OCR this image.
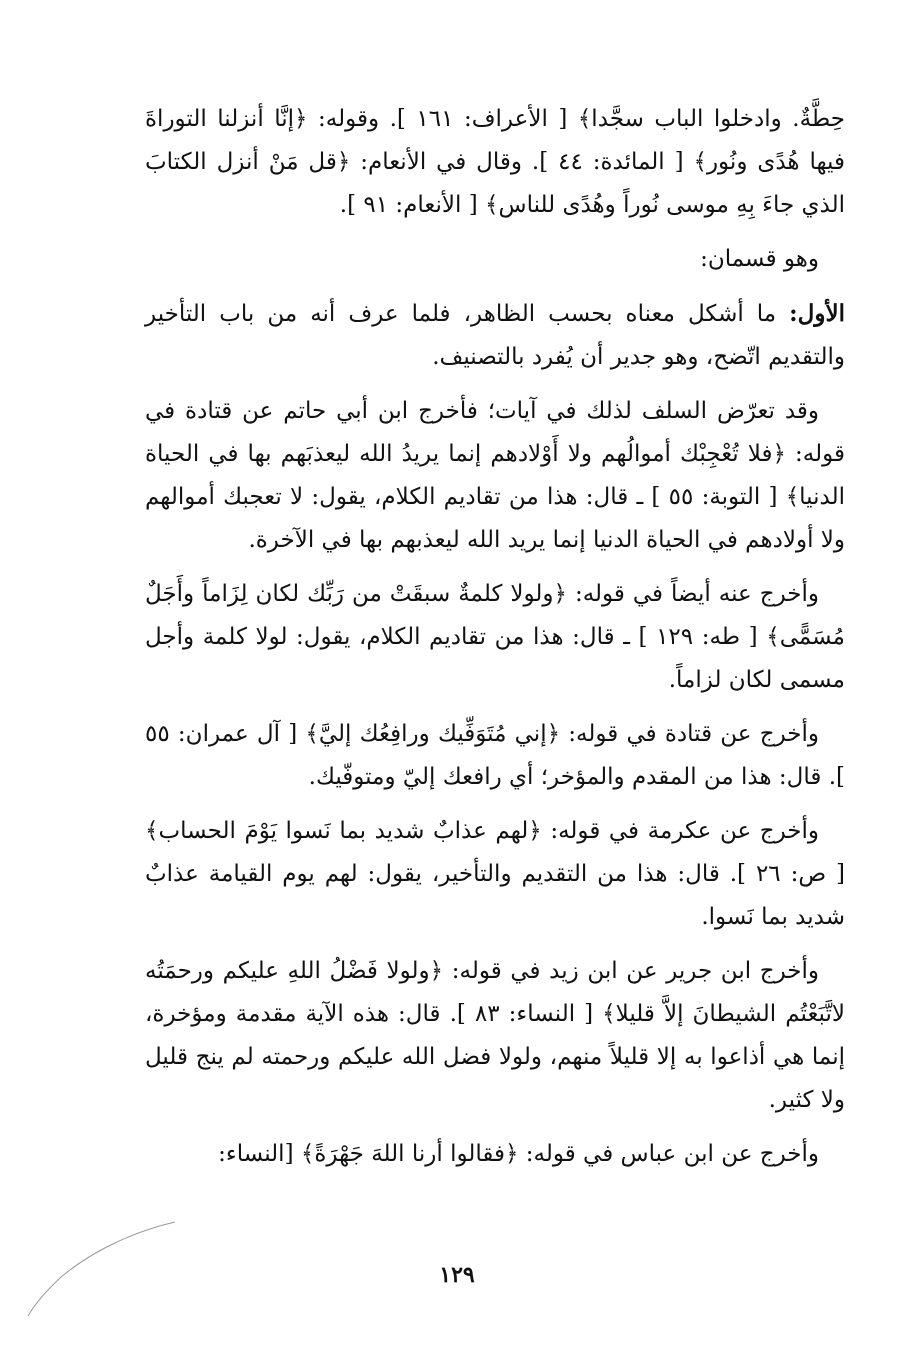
حِطَّةٌ. وادخلوا الباب سجَّدا﴾ [ الأعراف: ١٦١ ]. وقوله: ﴿إنَّا أنزلنا التوراةَ فيها هُدًى ونُور﴾ [ المائدة: ٤٤ ]. وقال في الأنعام: ﴿قل مَنْ أنزل الكتابَ الذي جاءَ بِهِ موسى نُوراً وهُدًى للناس﴾ [ الأنعام: ٩١ ].

وهو قسمان:

الأول: ما أشكل معناه بحسب الظاهر، فلما عرف أنه من باب التأخير والتقديم اتّضح، وهو جدير أن يُفرد بالتصنيف.

وقد تعرّض السلف لذلك في آيات؛ فأخرج ابن أبي حاتم عن قتادة في قوله: ﴿فلا تُعْجِبْك أموالُهم ولا أَوْلادهم إنما يريدُ الله ليعذبَهم بها في الحياة الدنيا﴾ [ التوبة: ٥٥ ] ـ قال: هذا من تقاديم الكلام، يقول: لا تعجبك أموالهم ولا أولادهم في الحياة الدنيا إنما يريد الله ليعذبهم بها في الآخرة.

وأخرج عنه أيضاً في قوله: ﴿ولولا كلمةٌ سبقَتْ من رَبِّك لكان لِزَاماً وأَجَلٌ مُسَمًّى﴾ [ طه: ١٢٩ ] ـ قال: هذا من تقاديم الكلام، يقول: لولا كلمة وأجل مسمى لكان لزاماً.

وأخرج عن قتادة في قوله: ﴿إني مُتَوَفِّيك ورافِعُك إليَّ﴾ [ آل عمران: ٥٥ ]. قال: هذا من المقدم والمؤخر؛ أي رافعك إليّ ومتوفّيك.

وأخرج عن عكرمة في قوله: ﴿لهم عذابٌ شديد بما نَسوا يَوْمَ الحساب﴾ [ ص: ٢٦ ]. قال: هذا من التقديم والتأخير، يقول: لهم يوم القيامة عذابٌ شديد بما نَسوا.

وأخرج ابن جرير عن ابن زيد في قوله: ﴿ولولا فَضْلُ اللهِ عليكم ورحمَتُه لاتَّبَعْتُم الشيطانَ إلاَّ قليلا﴾ [ النساء: ٨٣ ]. قال: هذه الآية مقدمة ومؤخرة، إنما هي أذاعوا به إلا قليلاً منهم، ولولا فضل الله عليكم ورحمته لم ينج قليل ولا كثير.

وأخرج عن ابن عباس في قوله: ﴿فقالوا أرنا اللهَ جَهْرَةً﴾ [النساء:

١٢٩
